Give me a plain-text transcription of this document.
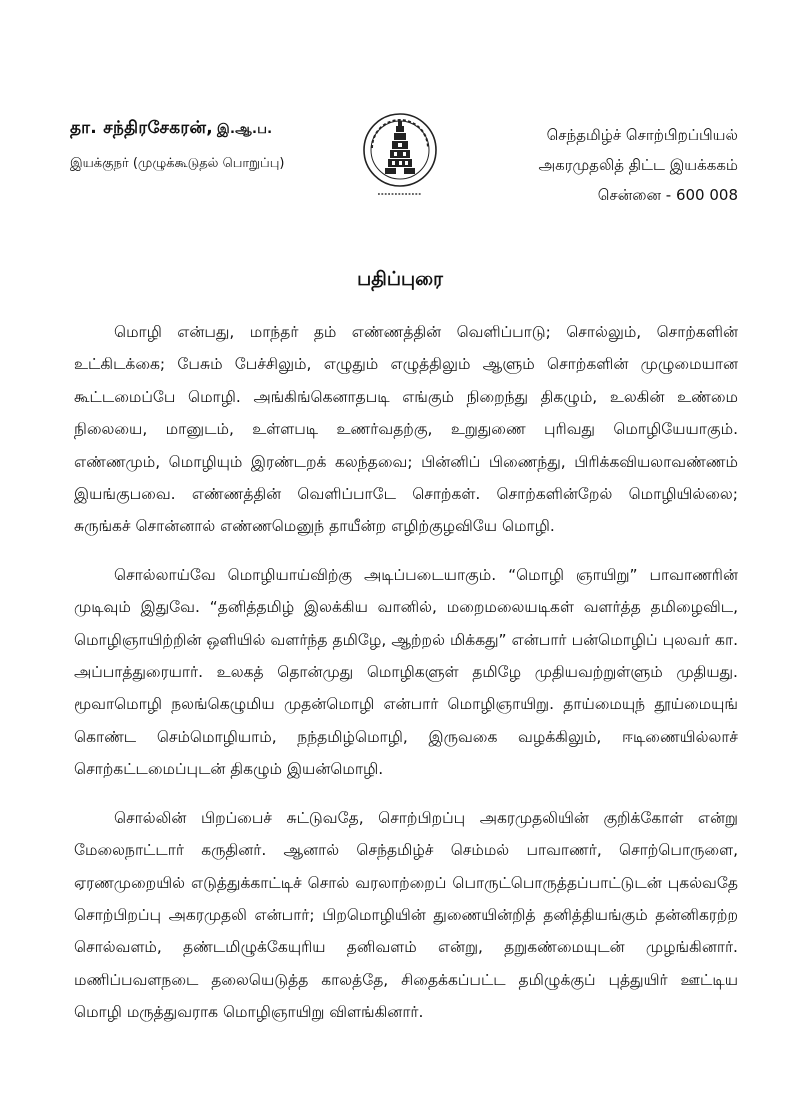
தா. சந்திரசேகரன், இ.ஆ.ப.
இயக்குநர் (முழுக்கூடுதல் பொறுப்பு)
செந்தமிழ்ச் சொற்பிறப்பியல்
அகரமுதலித் திட்ட இயக்ககம்
சென்னை - 600 008
பதிப்புரை

மொழி என்பது, மாந்தர் தம் எண்ணத்தின் வெளிப்பாடு; சொல்லும், சொற்களின் உட்கிடக்கை; பேசும் பேச்சிலும், எழுதும் எழுத்திலும் ஆளும் சொற்களின் முழுமையான கூட்டமைப்பே மொழி. அங்கிங்கெனாதபடி எங்கும் நிறைந்து திகழும், உலகின் உண்மை நிலையை, மானுடம், உள்ளபடி உணர்வதற்கு, உறுதுணை புரிவது மொழியேயாகும். எண்ணமும், மொழியும் இரண்டறக் கலந்தவை; பின்னிப் பிணைந்து, பிரிக்கவியலாவண்ணம் இயங்குபவை. எண்ணத்தின் வெளிப்பாடே சொற்கள். சொற்களின்றேல் மொழியில்லை; சுருங்கச் சொன்னால் எண்ணமெனுந் தாயீன்ற எழிற்குழவியே மொழி.

சொல்லாய்வே மொழியாய்விற்கு அடிப்படையாகும். “மொழி ஞாயிறு” பாவாணரின் முடிவும் இதுவே. “தனித்தமிழ் இலக்கிய வானில், மறைமலையடிகள் வளர்த்த தமிழைவிட, மொழிஞாயிற்றின் ஒளியில் வளர்ந்த தமிழே, ஆற்றல் மிக்கது” என்பார் பன்மொழிப் புலவர் கா. அப்பாத்துரையார். உலகத் தொன்முது மொழிகளுள் தமிழே முதியவற்றுள்ளும் முதியது. மூவாமொழி நலங்கெழுமிய முதன்மொழி என்பார் மொழிஞாயிறு. தாய்மையுந் தூய்மையுங் கொண்ட செம்மொழியாம், நந்தமிழ்மொழி, இருவகை வழக்கிலும், ஈடிணையில்லாச் சொற்கட்டமைப்புடன் திகழும் இயன்மொழி.

சொல்லின் பிறப்பைச் சுட்டுவதே, சொற்பிறப்பு அகரமுதலியின் குறிக்கோள் என்று மேலைநாட்டார் கருதினர். ஆனால் செந்தமிழ்ச் செம்மல் பாவாணர், சொற்பொருளை, ஏரணமுறையில் எடுத்துக்காட்டிச் சொல் வரலாற்றைப் பொருட்பொருத்தப்பாட்டுடன் புகல்வதே சொற்பிறப்பு அகரமுதலி என்பார்; பிறமொழியின் துணையின்றித் தனித்தியங்கும் தன்னிகரற்ற சொல்வளம், தண்டமிழுக்கேயுரிய தனிவளம் என்று, தறுகண்மையுடன் முழங்கினார். மணிப்பவளநடை தலையெடுத்த காலத்தே, சிதைக்கப்பட்ட தமிழுக்குப் புத்துயிர் ஊட்டிய மொழி மருத்துவராக மொழிஞாயிறு விளங்கினார்.
